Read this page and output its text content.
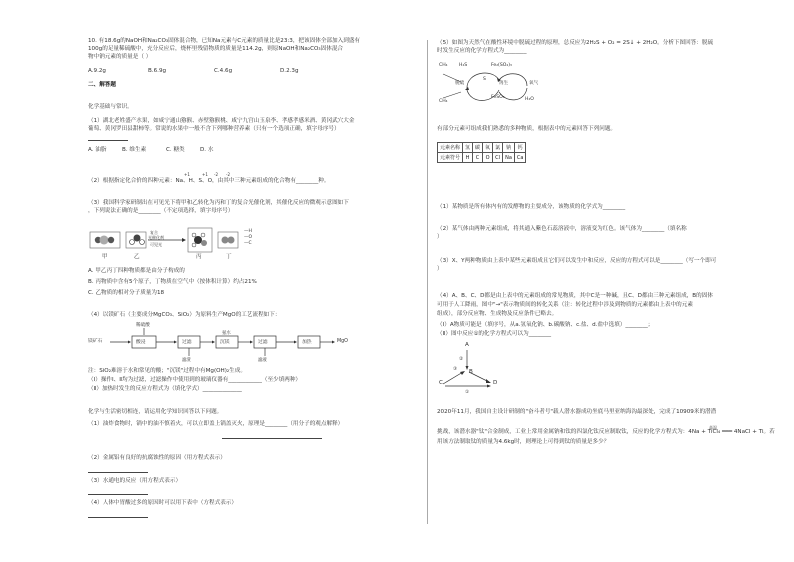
10. 有18.6g的NaOH和Na₂CO₃固体混合物，已知Na元素与C元素的质量比是23:3，把该固体全部加入到盛有
100g的足量稀硫酸中，充分反应后，烧杯里残留物质的质量是114.2g，则原NaOH和Na₂CO₃固体混合
物中钠元素的质量是（ ）
A.9.2g	B.6.9g	C.4.6g	D.2.3g
二、解答题
化学基础与常识。
（1）湖北老姓盛产水果，如咸宁通山猕猴、赤壁猕猴桃、咸宁九宫山玉泉李、孝感孝感米酒、黄冈武穴大金
葡萄、黄冈罗田县甜柿等。常说的水果中一般不含下列哪种营养素（只有一个选项正确，填字母序号）
A. 油脂	B. 维生素	C. 糖类	D. 水
+1	+1 -2 -2
（2）根据指定化合价的四种元素：Na、H、S、O，由其中三种元素组成的化合物有________种。
（3）我国科学家研制出在可见光下将甲和乙转化为丙和丁的复合光催化剂，其催化反应的微观示意图如下
，下列说法正确的是________（不定项选择，填字母序号）
复合
光催化剂
可见光
—H
—O
—C
甲	乙	丙	丁
A. 甲乙丙丁四种物质都是由分子构成的
B. 丙物质中含有5个原子，丁物质在空气中（按体积计算）约占21%
C. 乙物质的相对分子质量为18
（4）以镁矿石（主要成分MgCO₃、SiO₂）为原料生产MgO的工艺流程如下：
镁矿石
稀硫酸
酸浸	过滤	沉镁	过滤	加热	MgO
氨水
滤渣	滤液
注：SiO₂难溶于水和常见的酸；"沉镁"过程中有Mg(OH)₂生成。
（Ⅰ）操作Ⅰ、Ⅱ均为过滤，过滤操作中使用到的玻璃仪器有____________（至少填两种）
（Ⅱ）加热时发生的反应方程式为（填化学式）______________
化学与生活密切相连，请运用化学知识回答以下问题。
（1）油炸食物时，锅中的油不慎着火，可以立即盖上锅盖灭火，原理是________（用分子的观点解释）
（2）金属铝有良好的抗腐蚀性的原因（用方程式表示）
（3）水通电的反应（用方程式表示）
（4）人体中胃酸过多的原因时可以用下表中（方程式表示）
（5）如图为天然气在酸性环境中脱硫过程的原理，总反应为2H₂S + O₂ = 2S↓ + 2H₂O。分析下图回答：脱硫
时发生反应的化学方程式为________
CH₄ H₂S	Fe₂(SO₄)₃
FeSO₄
脱硫
S
CH₄
再生	氧气
H₂O
有部分元素可组成我们熟悉的多种物质，根据表中的元素回答下列问题。
元素名称	氢	碳	氧	氯	钠	钙
元素符号	H	C	O	Cl	Na	Ca
（1）某物质是所有体内有的发酵物的主要成分，该物质的化学式为________
（2）某气体由两种元素组成，将其通入紫色石蕊溶液中，溶液变为红色。该气体为________（填名称
）
（3）X、Y两种物质由上表中某些元素组成且它们可以发生中和反应，反应的方程式可以是________（写一个即可
）
（4）A、B、C、D都是由上表中的元素组成的常见物质，其中C是一种碱，且C、D都由三种元素组成，B的固体
可用于人工降雨，图中"→"表示物质间的转化关系（注：转化过程中涉及到物质的元素都由上表中的元素
组成），部分反应物、生成物及反应条件已略去。
（Ⅰ）A物质可能是（填序号，从a.氢氧化钠、b.碳酸钠、c.盐、d.盐中选填）________；
（Ⅱ）图中反应①的化学方程式可以为________
A
B
C	D
①
②
③
2020年11月，我国自主设计研制的"奋斗者号"载人潜水器成功坐底马里亚纳海沟最深处，完成了10909米的潜潜
高温
挑战，该潜水器"钛"合金制成，工业上常用金属钠和钛的四氯化钛反应制取钛，反应的化学方程式为：4Na + TiCl₄ ═══ 4NaCl + Ti。若
用该方法制取钛的质量为4.6kg时，则理论上可得到钛的质量是多少？
